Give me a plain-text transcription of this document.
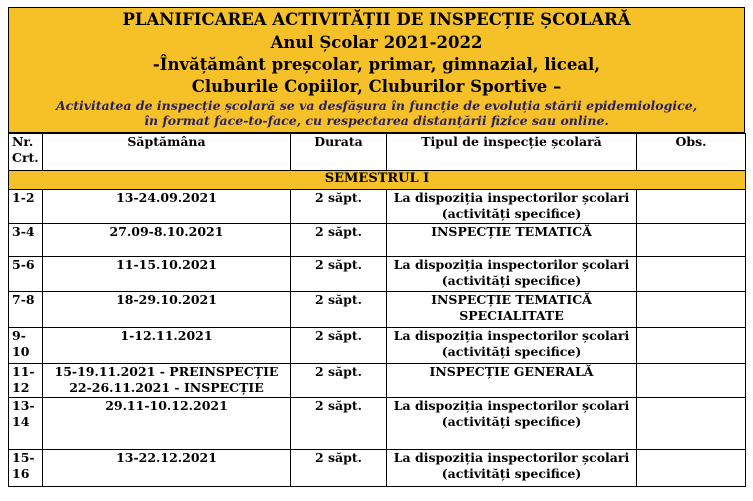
PLANIFICAREA ACTIVITĂȚII DE INSPECȚIE ȘCOLARĂ
Anul Școlar 2021-2022
-Învățământ preșcolar, primar, gimnazial, liceal,
Cluburile Copiilor, Cluburilor Sportive –
Activitatea de inspecție școlară se va desfășura în funcție de evoluția stării epidemiologice,
în format face-to-face, cu respectarea distanțării fizice sau online.
Nr. Crt.	Săptămâna	Durata	Tipul de inspecție școlară	Obs.
SEMESTRUL I				
1-2	13-24.09.2021	2 săpt.	La dispoziția inspectorilor școlari (activități specifice)	
3-4	27.09-8.10.2021	2 săpt.	INSPECȚIE TEMATICĂ	
5-6	11-15.10.2021	2 săpt.	La dispoziția inspectorilor școlari (activități specifice)	
7-8	18-29.10.2021	2 săpt.	INSPECȚIE TEMATICĂ SPECIALITATE	
9-10	1-12.11.2021	2 săpt.	La dispoziția inspectorilor școlari (activități specifice)	
11-12	15-19.11.2021 - PREINSPECȚIE 22-26.11.2021 - INSPECȚIE	2 săpt.	INSPECȚIE GENERALĂ	
13-14	29.11-10.12.2021	2 săpt.	La dispoziția inspectorilor școlari (activități specifice)	
15-16	13-22.12.2021	2 săpt.	La dispoziția inspectorilor școlari (activități specifice)	
